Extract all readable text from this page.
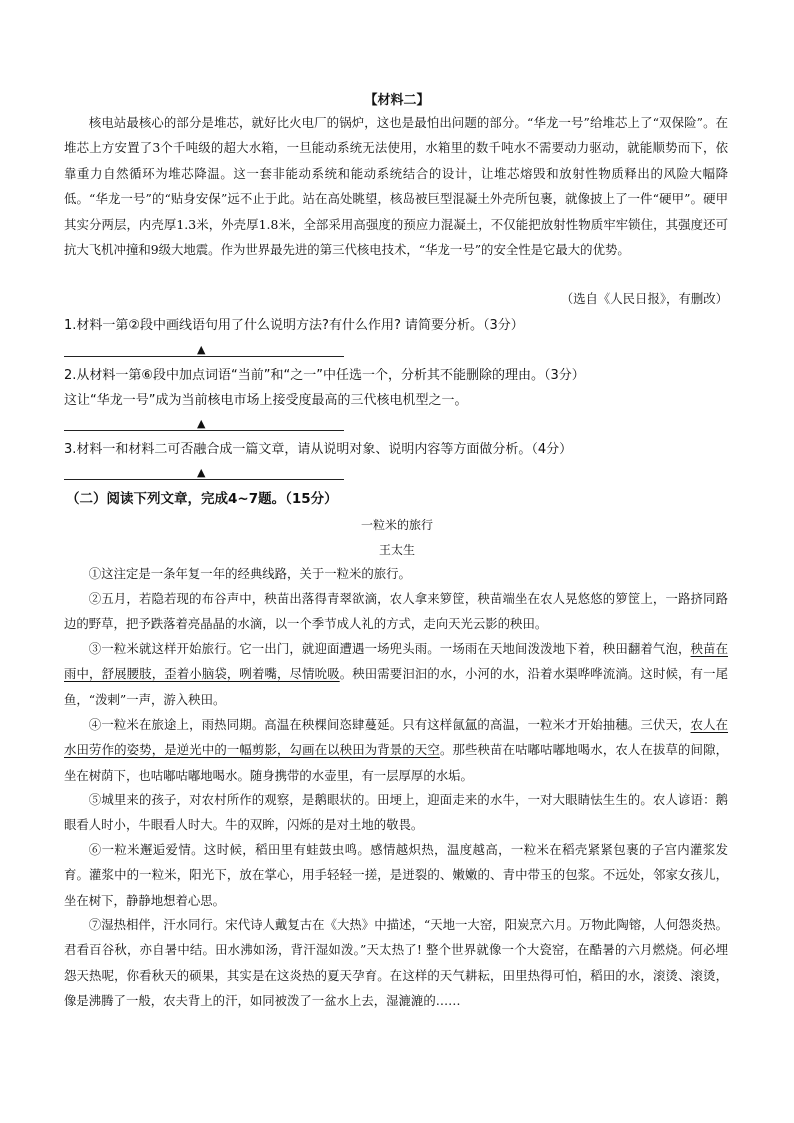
【材料二】
核电站最核心的部分是堆芯，就好比火电厂的锅炉，这也是最怕出问题的部分。“华龙一号”给堆芯上了“双保险”。在堆芯上方安置了3个千吨级的超大水箱，一旦能动系统无法使用，水箱里的数千吨水不需要动力驱动，就能顺势而下，依靠重力自然循环为堆芯降温。这一套非能动系统和能动系统结合的设计，让堆芯熔毁和放射性物质释出的风险大幅降低。“华龙一号”的“贴身安保”远不止于此。站在高处眺望，核岛被巨型混凝土外壳所包裹，就像披上了一件“硬甲”。硬甲其实分两层，内壳厚1.3米，外壳厚1.8米，全部采用高强度的预应力混凝土，不仅能把放射性物质牢牢锁住，其强度还可抗大飞机冲撞和9级大地震。作为世界最先进的第三代核电技术，“华龙一号”的安全性是它最大的优势。
（选自《人民日报》，有删改）
1.材料一第②段中画线语句用了什么说明方法?有什么作用? 请简要分析。（3分）
▲
2.从材料一第⑥段中加点词语“当前”和“之一”中任选一个，分析其不能删除的理由。（3分）
这让“华龙一号”成为当前核电市场上接受度最高的三代核电机型之一。
▲
3.材料一和材料二可否融合成一篇文章，请从说明对象、说明内容等方面做分析。（4分）
▲
（二）阅读下列文章，完成4~7题。（15分）
一粒米的旅行
王太生
①这注定是一条年复一年的经典线路，关于一粒米的旅行。
②五月，若隐若现的布谷声中，秧苗出落得青翠欲滴，农人拿来箩筐，秧苗端坐在农人晃悠悠的箩筐上，一路挤同路边的野草，把予跌落着亮晶晶的水滴，以一个季节成人礼的方式，走向天光云影的秧田。
③一粒米就这样开始旅行。它一出门，就迎面遭遇一场兜头雨。一场雨在天地间泼泼地下着，秧田翻着气泡，秧苗在雨中，舒展腰肢，歪着小脑袋，咧着嘴，尽情吮吸。秧田需要汩汩的水，小河的水，沿着水渠哗哗流淌。这时候，有一尾鱼，“泼剌”一声，游入秧田。
④一粒米在旅途上，雨热同期。高温在秧棵间恣肆蔓延。只有这样氤氲的高温，一粒米才开始抽穗。三伏天，农人在水田劳作的姿势，是逆光中的一幅剪影，勾画在以秧田为背景的天空。那些秧苗在咕嘟咕嘟地喝水，农人在拔草的间隙，坐在树荫下，也咕嘟咕嘟地喝水。随身携带的水壶里，有一层厚厚的水垢。
⑤城里来的孩子，对农村所作的观察，是鹅眼状的。田埂上，迎面走来的水牛，一对大眼睛怯生生的。农人谚语：鹅眼看人时小，牛眼看人时大。牛的双眸，闪烁的是对土地的敬畏。
⑥一粒米邂逅爱情。这时候，稻田里有蛙鼓虫鸣。感情越炽热，温度越高，一粒米在稻壳紧紧包裹的子宫内灌浆发育。灌浆中的一粒米，阳光下，放在掌心，用手轻轻一搓，是迸裂的、嫩嫩的、青中带玉的包浆。不远处，邻家女孩儿，坐在树下，静静地想着心思。
⑦湿热相伴，汗水同行。宋代诗人戴复古在《大热》中描述，“天地一大窑，阳炭烹六月。万物此陶镕，人何怨炎热。君看百谷秋，亦自暑中结。田水沸如汤，背汗湿如泼。”天太热了! 整个世界就像一个大瓷窑，在酷暑的六月燃烧。何必埋怨天热呢，你看秋天的硕果，其实是在这炎热的夏天孕育。在这样的天气耕耘，田里热得可怕，稻田的水，滚烫、滚烫，像是沸腾了一般，农夫背上的汗，如同被泼了一盆水上去，湿漉漉的……
